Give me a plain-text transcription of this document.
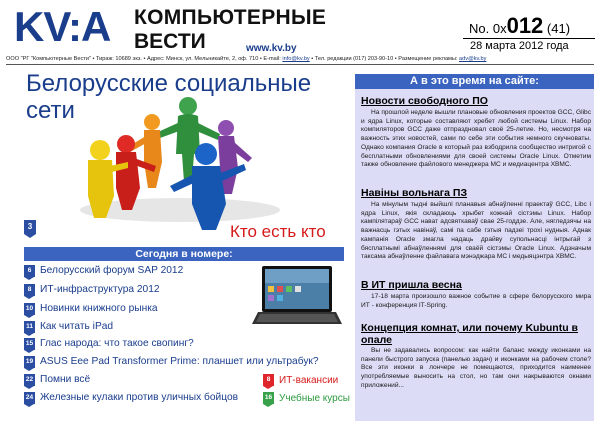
KV:A КОМПЬЮТЕРНЫЕ
ВЕСТИ	www.kv.by
No. 0x012 (41)
28 марта 2012 года
ООО "РГ "Компьютерные Вести" • Тираж: 10689 экз. • Адрес: Минск, ул. Мельникайте, 2, оф. 710 • E-mail: info@kv.by • Тел. редакции (017) 203-90-10 • Размещение рекламы: adv@kv.by
Белорусские социальные
сети
3	Кто есть кто
Сегодня в номере:
6 Белорусский форум SAP 2012
8 ИТ-инфраструктура 2012
10 Новинки книжного рынка
11 Как читать iPad
15 Глас народа: что такое свопинг?
19 ASUS Eee Pad Transformer Prime: планшет или ультрабук?
22 Помни всё
24 Железные кулаки против уличных бойцов
8 ИТ-вакансии
16 Учебные курсы
А в это время на сайте:
Новости свободного ПО
На прошлой неделе вышли плановые обновления проектов GCC, Glibc и ядра Linux, которые составляют хребет любой системы Linux. Набор компиляторов GCC даже отпраздновал своё 25-летие. Но, несмотря на важность этих новостей, сами по себе эти события немного скучноваты. Однако компания Oracle в который раз взбодрила сообщество интригой с бесплатными обновлениями для своей системы Oracle Linux. Отметим также обновление файлового менеджера MC и медиацентра XBMC.
Навіны вольнага ПЗ
На мінулым тыдні выйшлі планавыя абнаўленні праектаў GCC, Libc і ядра Linux, якія складаюць хрыбет кожнай сістэмы Linux. Набор кампілятараў GCC нават адсвяткаваў свае 25-годдзе. Але, нягледзячы на важнасць гэтых навінаў, самі па сабе гэтыя падзеі трохі нудныя. Аднак кампанія Oracle змагла надаць драйву супольнасці інтрыгай з бясплатнымі абнаўленнямі для сваёй сістэмы Oracle Linux. Адзначым таксама абнаўленне файлавага мэнэджара MC і медыяцэнтра XBMC.
В ИТ пришла весна
17-18 марта произошло важное событие в сфере белорусского мира ИТ - конференция IT-Spring.
Концепция комнат, или почему Kubuntu в опале
Вы не задавались вопросом: как найти баланс между иконками на панели быстрого запуска (панелью задач) и иконками на рабочем столе? Все эти иконки в лончере не помещаются, приходится наименее употребляемые выносить на стол, но там они накрываются окнами приложений...
